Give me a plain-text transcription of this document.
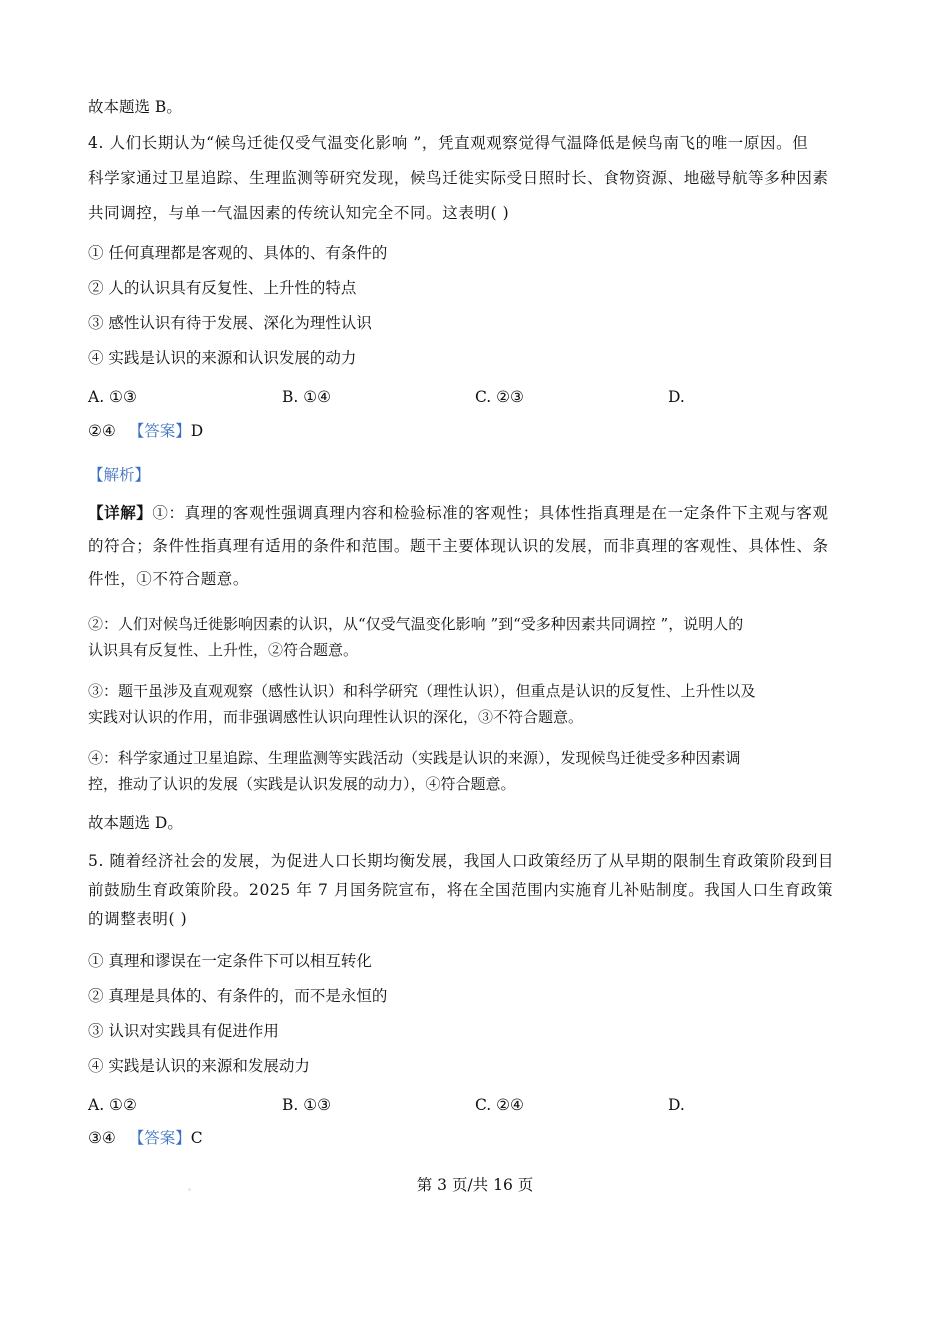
故本题选 B。
4. 人们长期认为“候鸟迁徙仅受气温变化影响 ”，凭直观观察觉得气温降低是候鸟南飞的唯一原因。但
科学家通过卫星追踪、生理监测等研究发现，候鸟迁徙实际受日照时长、食物资源、地磁导航等多种因素
共同调控，与单一气温因素的传统认知完全不同。这表明( )
① 任何真理都是客观的、具体的、有条件的
② 人的认识具有反复性、上升性的特点
③ 感性认识有待于发展、深化为理性认识
④ 实践是认识的来源和认识发展的动力
A. ①③	B. ①④	C. ②③	D.
②④ 【答案】D
【解析】
【详解】①：真理的客观性强调真理内容和检验标准的客观性；具体性指真理是在一定条件下主观与客观
的符合；条件性指真理有适用的条件和范围。题干主要体现认识的发展，而非真理的客观性、具体性、条
件性，①不符合题意。
②：人们对候鸟迁徙影响因素的认识，从“仅受气温变化影响 ”到“受多种因素共同调控 ”，说明人的
认识具有反复性、上升性，②符合题意。
③：题干虽涉及直观观察（感性认识）和科学研究（理性认识），但重点是认识的反复性、上升性以及
实践对认识的作用，而非强调感性认识向理性认识的深化，③不符合题意。
④：科学家通过卫星追踪、生理监测等实践活动（实践是认识的来源），发现候鸟迁徙受多种因素调
控，推动了认识的发展（实践是认识发展的动力），④符合题意。
故本题选 D。
5. 随着经济社会的发展，为促进人口长期均衡发展，我国人口政策经历了从早期的限制生育政策阶段到目
前鼓励生育政策阶段。2025 年 7 月国务院宣布，将在全国范围内实施育儿补贴制度。我国人口生育政策
的调整表明( )
① 真理和谬误在一定条件下可以相互转化
② 真理是具体的、有条件的，而不是永恒的
③ 认识对实践具有促进作用
④ 实践是认识的来源和发展动力
A. ①②	B. ①③	C. ②④	D.
③④ 【答案】C
。	第 3 页/共 16 页
